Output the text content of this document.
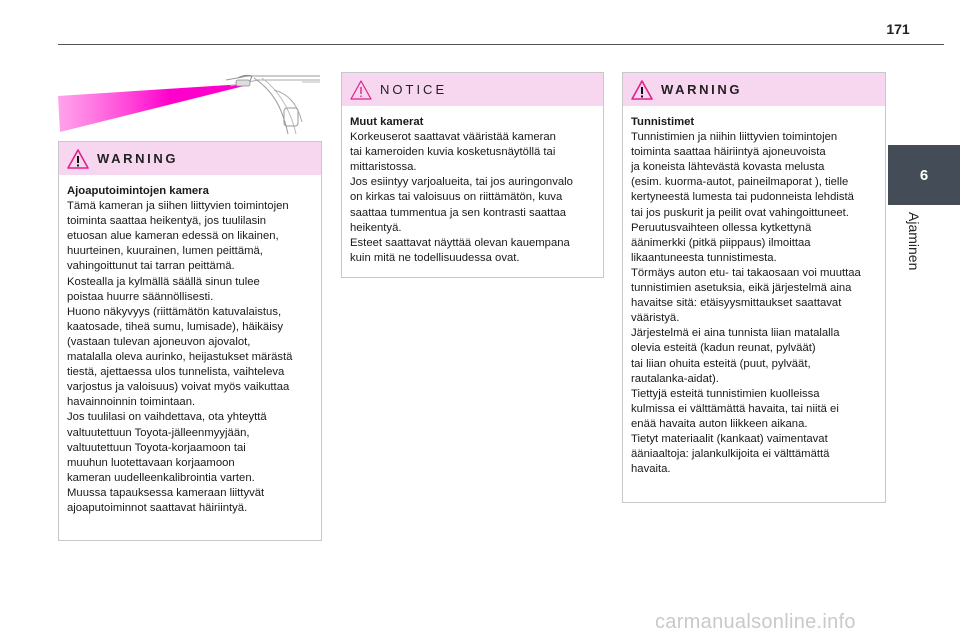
171
6
Ajaminen
WARNING

Ajoaputoimintojen kamera

Tämä kameran ja siihen liittyvien toimintojen

toiminta saattaa heikentyä, jos tuulilasin

etuosan alue kameran edessä on likainen,

huurteinen, kuurainen, lumen peittämä,

vahingoittunut tai tarran peittämä.

Kostealla ja kylmällä säällä sinun tulee

poistaa huurre säännöllisesti.

Huono näkyvyys (riittämätön katuvalaistus,

kaatosade, tiheä sumu, lumisade), häikäisy

(vastaan tulevan ajoneuvon ajovalot,

matalalla oleva aurinko, heijastukset märästä

tiestä, ajettaessa ulos tunnelista, vaihteleva

varjostus ja valoisuus) voivat myös vaikuttaa

havainnoinnin toimintaan.

Jos tuulilasi on vaihdettava, ota yhteyttä

valtuutettuun Toyota-jälleenmyyjään,

valtuutettuun Toyota-korjaamoon tai

muuhun luotettavaan korjaamoon

kameran uudelleenkalibrointia varten.

Muussa tapauksessa kameraan liittyvät

ajoaputoiminnot saattavat häiriintyä.

NOTICE

Muut kamerat

Korkeuserot saattavat vääristää kameran

tai kameroiden kuvia kosketusnäytöllä tai

mittaristossa.

Jos esiintyy varjoalueita, tai jos auringonvalo

on kirkas tai valoisuus on riittämätön, kuva

saattaa tummentua ja sen kontrasti saattaa

heikentyä.

Esteet saattavat näyttää olevan kauempana

kuin mitä ne todellisuudessa ovat.

WARNING

Tunnistimet

Tunnistimien ja niihin liittyvien toimintojen

toiminta saattaa häiriintyä ajoneuvoista

ja koneista lähtevästä kovasta melusta

(esim. kuorma-autot, paineilmaporat ), tielle

kertyneestä lumesta tai pudonneista lehdistä

tai jos puskurit ja peilit ovat vahingoittuneet.

Peruutusvaihteen ollessa kytkettynä

äänimerkki (pitkä piippaus) ilmoittaa

likaantuneesta tunnistimesta.

Törmäys auton etu- tai takaosaan voi muuttaa

tunnistimien asetuksia, eikä järjestelmä aina

havaitse sitä: etäisyysmittaukset saattavat

vääristyä.

Järjestelmä ei aina tunnista liian matalalla

olevia esteitä (kadun reunat, pylväät)

tai liian ohuita esteitä (puut, pylväät,

rautalanka-aidat).

Tiettyjä esteitä tunnistimien kuolleissa

kulmissa ei välttämättä havaita, tai niitä ei

enää havaita auton liikkeen aikana.

Tietyt materiaalit (kankaat) vaimentavat

ääniaaltoja: jalankulkijoita ei välttämättä

havaita.

carmanualsonline.info
